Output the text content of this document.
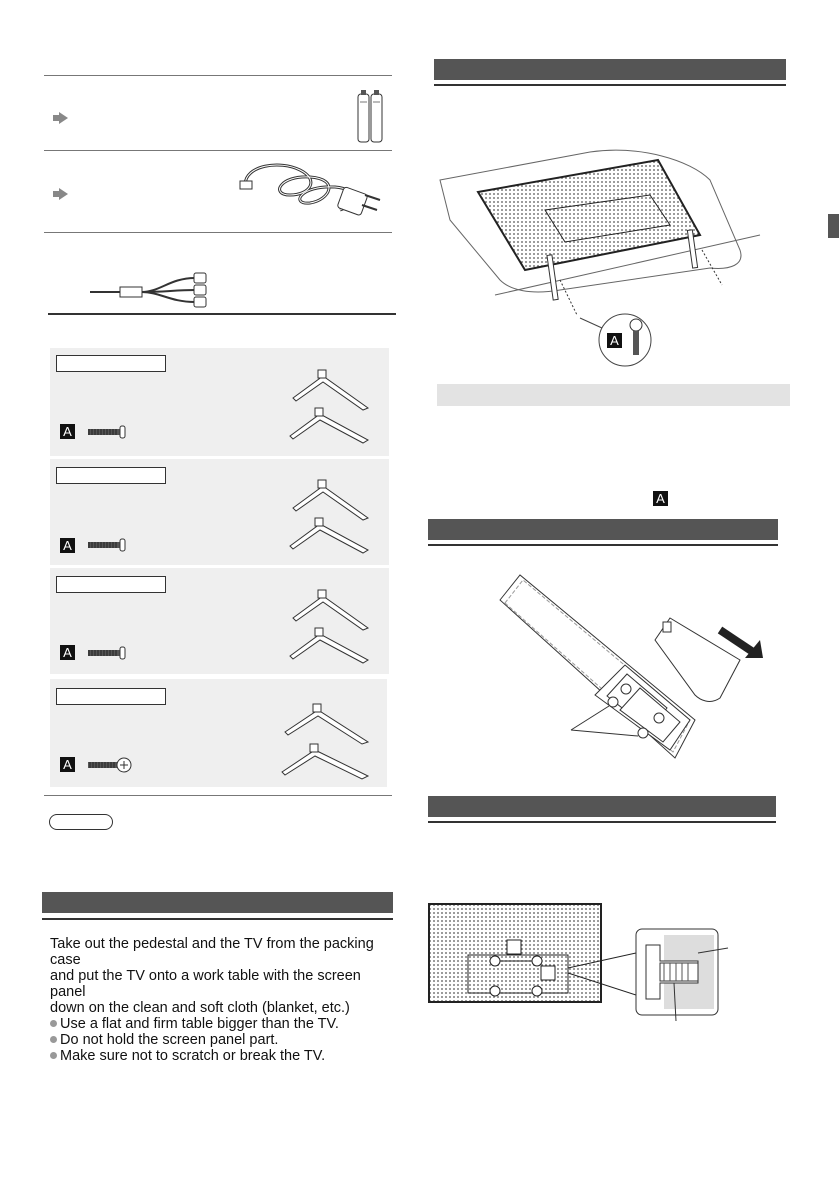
A
A
A
A

Take out the pedestal and the TV from the packing case

and put the TV onto a work table with the screen panel

down on the clean and soft cloth (blanket, etc.)

Use a flat and firm table bigger than the TV.

Do not hold the screen panel part.

Make sure not to scratch or break the TV.

A
A
